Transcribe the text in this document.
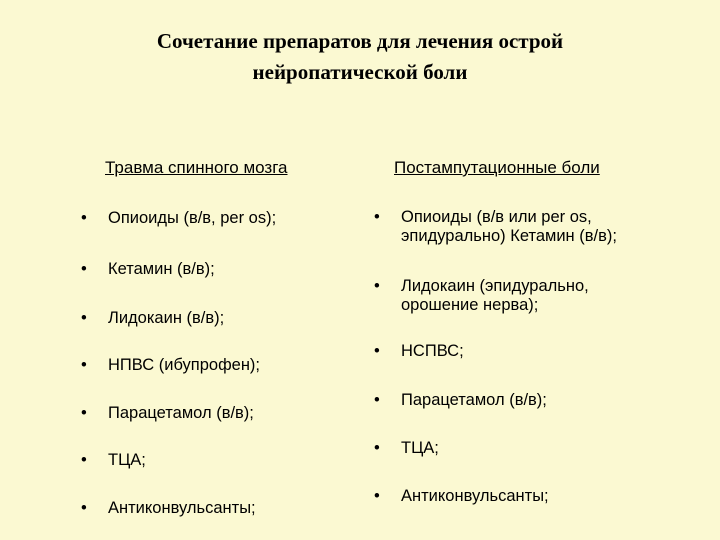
Сочетание препаратов для лечения острой
нейропатической боли
Травма спинного мозга	Постампутационные боли
• Опиоиды (в/в, per os);
• Кетамин (в/в);
• Лидокаин (в/в);
• НПВС (ибупрофен);
• Парацетамол (в/в);
• ТЦА;
• Антиконвульсанты;
• Опиоиды (в/в или per os,
эпидурально) Кетамин (в/в);
• Лидокаин (эпидурально,
орошение нерва);
• НСПВС;
• Парацетамол (в/в);
• ТЦА;
• Антиконвульсанты;
